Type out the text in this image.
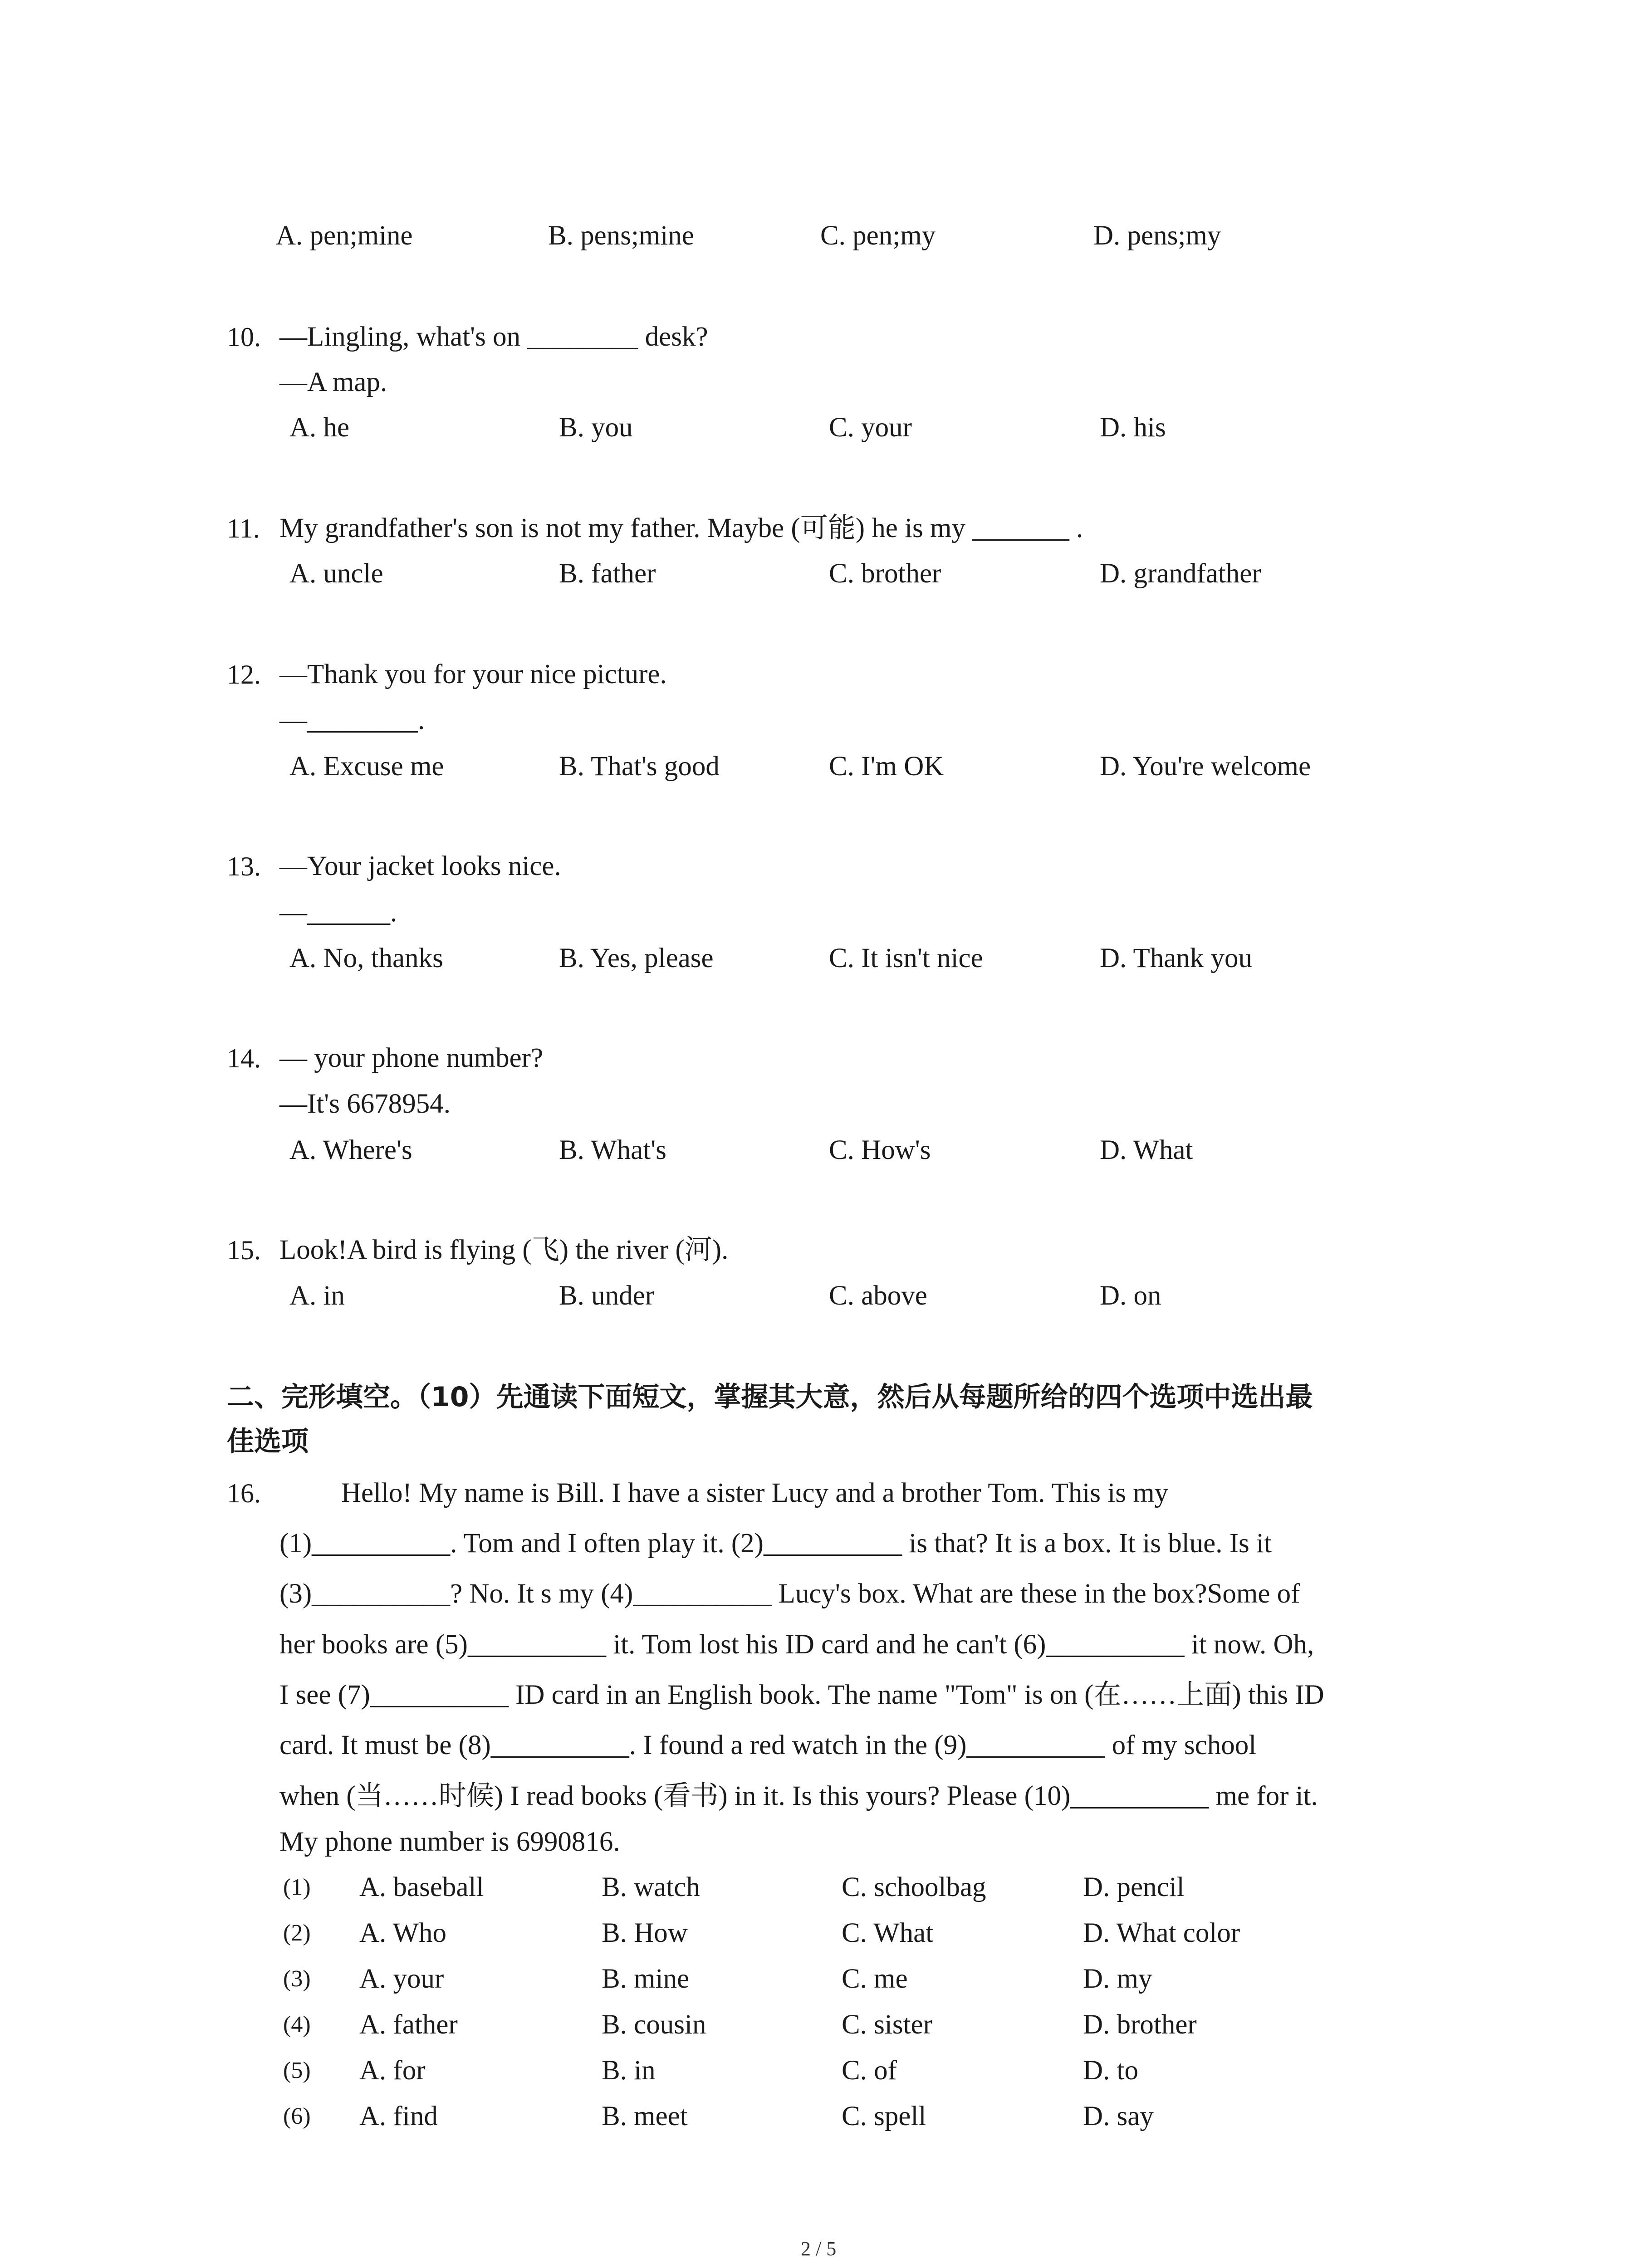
A. pen;mine	B. pens;mine	C. pen;my	D. pens;my
10. —Lingling, what's on ________ desk?
—A map.
A. he	B. you	C. your	D. his
11. My grandfather's son is not my father. Maybe (可能) he is my _______ .
A. uncle	B. father	C. brother	D. grandfather
12. —Thank you for your nice picture.
—________.
A. Excuse me	B. That's good	C. I'm OK	D. You're welcome
13. —Your jacket looks nice.
—______.
A. No, thanks	B. Yes, please	C. It isn't nice	D. Thank you
14. — your phone number?
—It's 6678954.
A. Where's	B. What's	C. How's	D. What
15. Look!A bird is flying (飞) the river (河).
A. in	B. under	C. above	D. on
二、完形填空。（10）先通读下面短文，掌握其大意，然后从每题所给的四个选项中选出最
佳选项
16.	Hello! My name is Bill. I have a sister Lucy and a brother Tom. This is my
(1)__________. Tom and I often play it. (2)__________ is that? It is a box. It is blue. Is it
(3)__________? No. It s my (4)__________ Lucy's box. What are these in the box?Some of
her books are (5)__________ it. Tom lost his ID card and he can't (6)__________ it now. Oh,
I see (7)__________ ID card in an English book. The name "Tom" is on (在……上面) this ID
card. It must be (8)__________. I found a red watch in the (9)__________ of my school
when (当……时候) I read books (看书) in it. Is this yours? Please (10)__________ me for it.
My phone number is 6990816.
(1) A. baseball	B. watch	C. schoolbag	D. pencil
(2) A. Who	B. How	C. What	D. What color
(3) A. your	B. mine	C. me	D. my
(4) A. father	B. cousin	C. sister	D. brother
(5) A. for	B. in	C. of	D. to
(6) A. find	B. meet	C. spell	D. say
2 / 5
